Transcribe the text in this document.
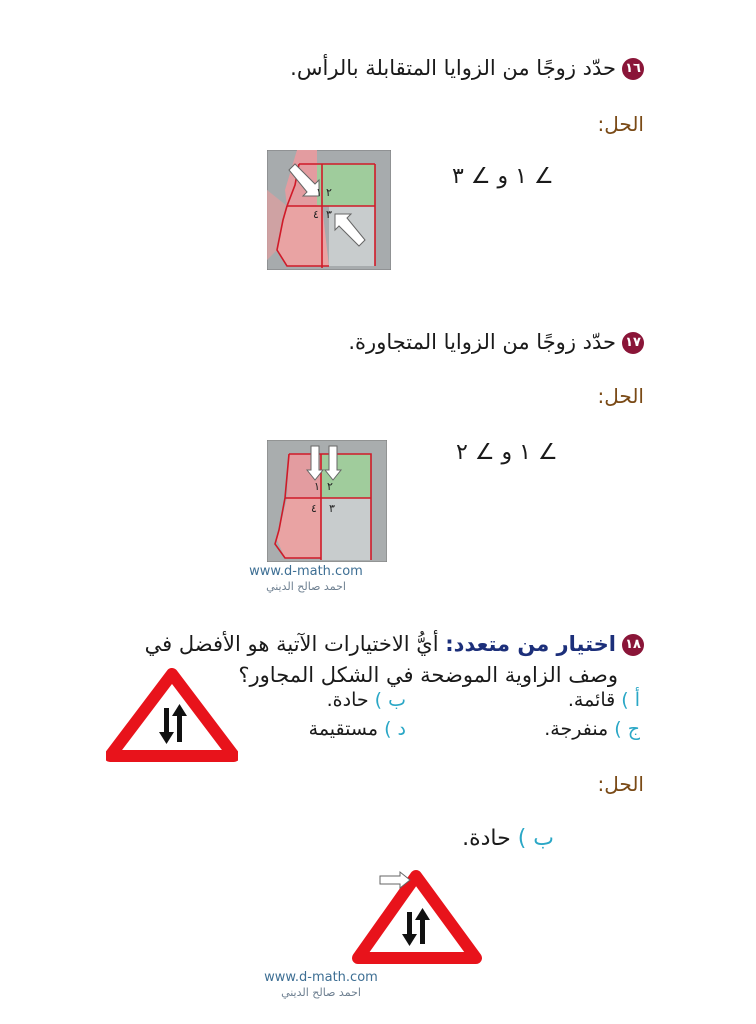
١٦حدّد زوجًا من الزوايا المتقابلة بالرأس.
الحل:
١ ٢
٣
٤
∠ ١ و ∠ ٣
١٧حدّد زوجًا من الزوايا المتجاورة.
الحل:
١ ٢
٣
٤
∠ ١ و ∠ ٢
www.d-math.com
احمد صالح الديني
١٨اختيار من متعدد: أيُّ الاختيارات الآتية هو الأفضل في
وصف الزاوية الموضحة في الشكل المجاور؟
أ ) قائمة.
ب ) حادة.
ج ) منفرجة.
د ) مستقيمة
الحل:
ب ) حادة.
www.d-math.com
احمد صالح الديني
